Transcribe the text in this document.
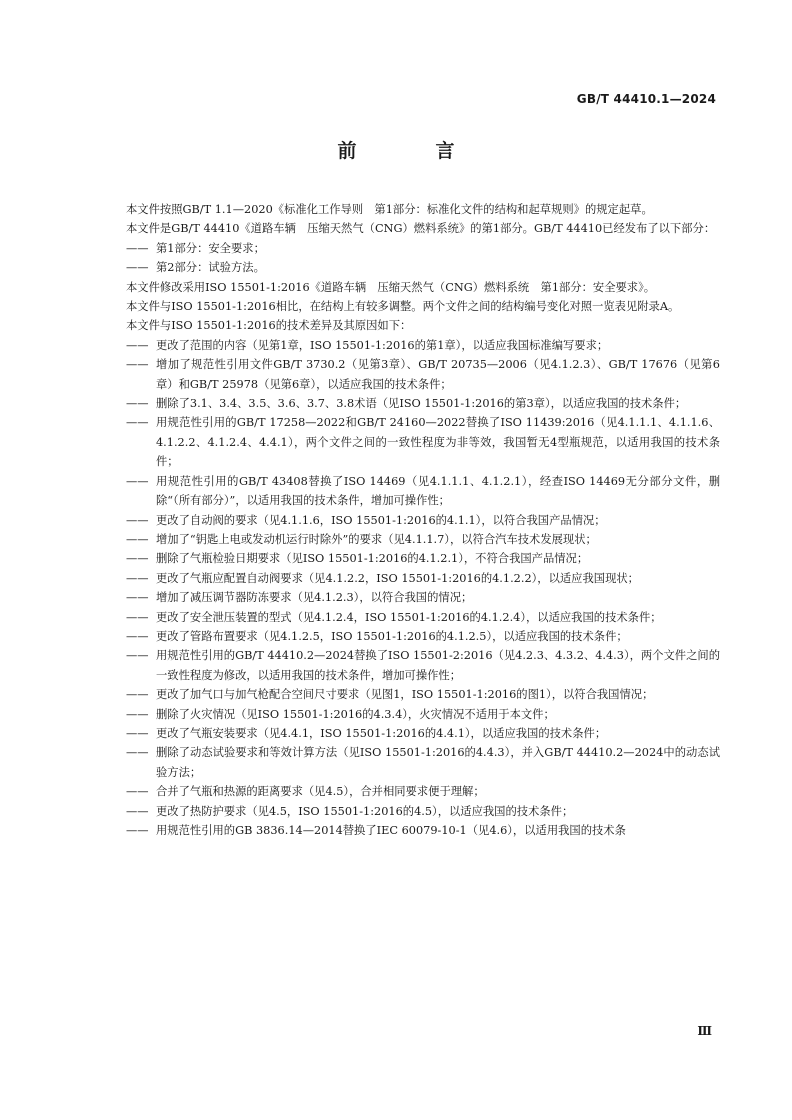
GB/T 44410.1—2024
前　言

本文件按照GB/T 1.1—2020《标准化工作导则　第1部分：标准化文件的结构和起草规则》的规定起草。

本文件是GB/T 44410《道路车辆　压缩天然气（CNG）燃料系统》的第1部分。GB/T 44410已经发布了以下部分：

—— 第1部分：安全要求；

—— 第2部分：试验方法。

本文件修改采用ISO 15501-1:2016《道路车辆　压缩天然气（CNG）燃料系统　第1部分：安全要求》。

本文件与ISO 15501-1:2016相比，在结构上有较多调整。两个文件之间的结构编号变化对照一览表见附录A。

本文件与ISO 15501-1:2016的技术差异及其原因如下：

—— 更改了范围的内容（见第1章，ISO 15501-1:2016的第1章），以适应我国标准编写要求；

—— 增加了规范性引用文件GB/T 3730.2（见第3章）、GB/T 20735—2006（见4.1.2.3）、GB/T 17676（见第6章）和GB/T 25978（见第6章），以适应我国的技术条件；

—— 删除了3.1、3.4、3.5、3.6、3.7、3.8术语（见ISO 15501-1:2016的第3章），以适应我国的技术条件；

—— 用规范性引用的GB/T 17258—2022和GB/T 24160—2022替换了ISO 11439:2016（见4.1.1.1、4.1.1.6、4.1.2.2、4.1.2.4、4.4.1），两个文件之间的一致性程度为非等效，我国暂无4型瓶规范，以适用我国的技术条件；

—— 用规范性引用的GB/T 43408替换了ISO 14469（见4.1.1.1、4.1.2.1），经查ISO 14469无分部分文件，删除“（所有部分）”，以适用我国的技术条件，增加可操作性；

—— 更改了自动阀的要求（见4.1.1.6，ISO 15501-1:2016的4.1.1），以符合我国产品情况；

—— 增加了“钥匙上电或发动机运行时除外”的要求（见4.1.1.7），以符合汽车技术发展现状；

—— 删除了气瓶检验日期要求（见ISO 15501-1:2016的4.1.2.1），不符合我国产品情况；

—— 更改了气瓶应配置自动阀要求（见4.1.2.2，ISO 15501-1:2016的4.1.2.2），以适应我国现状；

—— 增加了减压调节器防冻要求（见4.1.2.3），以符合我国的情况；

—— 更改了安全泄压装置的型式（见4.1.2.4，ISO 15501-1:2016的4.1.2.4），以适应我国的技术条件；

—— 更改了管路布置要求（见4.1.2.5，ISO 15501-1:2016的4.1.2.5），以适应我国的技术条件；

—— 用规范性引用的GB/T 44410.2—2024替换了ISO 15501-2:2016（见4.2.3、4.3.2、4.4.3），两个文件之间的一致性程度为修改，以适用我国的技术条件，增加可操作性；

—— 更改了加气口与加气枪配合空间尺寸要求（见图1，ISO 15501-1:2016的图1），以符合我国情况；

—— 删除了火灾情况（见ISO 15501-1:2016的4.3.4），火灾情况不适用于本文件；

—— 更改了气瓶安装要求（见4.4.1，ISO 15501-1:2016的4.4.1），以适应我国的技术条件；

—— 删除了动态试验要求和等效计算方法（见ISO 15501-1:2016的4.4.3），并入GB/T 44410.2—2024中的动态试验方法；

—— 合并了气瓶和热源的距离要求（见4.5），合并相同要求便于理解；

—— 更改了热防护要求（见4.5，ISO 15501-1:2016的4.5），以适应我国的技术条件；

—— 用规范性引用的GB 3836.14—2014替换了IEC 60079-10-1（见4.6），以适用我国的技术条

Ⅲ
